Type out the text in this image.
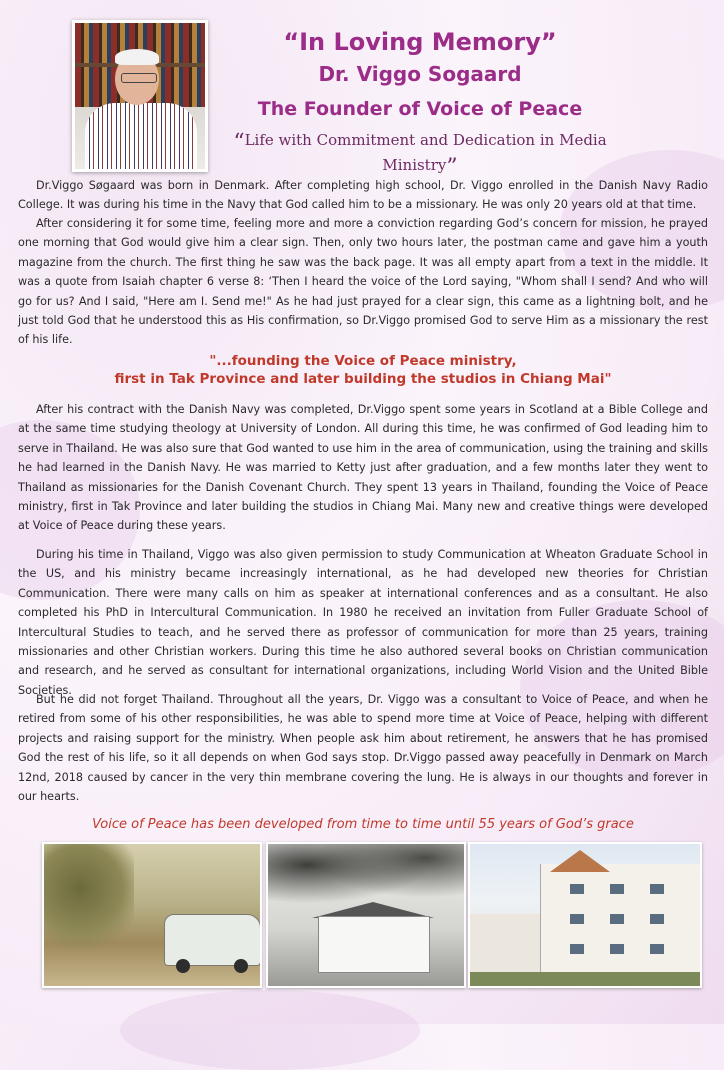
“In Loving Memory”
Dr. Viggo Sogaard
The Founder of Voice of Peace
“Life with Commitment and Dedication in Media Ministry”

Dr.Viggo Søgaard was born in Denmark. After completing high school, Dr. Viggo enrolled in the Danish Navy Radio College. It was during his time in the Navy that God called him to be a missionary. He was only 20 years old at that time.

After considering it for some time, feeling more and more a conviction regarding God’s concern for mission, he prayed one morning that God would give him a clear sign. Then, only two hours later, the postman came and gave him a youth magazine from the church. The first thing he saw was the back page. It was all empty apart from a text in the middle. It was a quote from Isaiah chapter 6 verse 8: ‘Then I heard the voice of the Lord saying, "Whom shall I send? And who will go for us? And I said, "Here am I. Send me!" As he had just prayed for a clear sign, this came as a lightning bolt, and he just told God that he understood this as His confirmation, so Dr.Viggo promised God to serve Him as a missionary the rest of his life.

"...founding the Voice of Peace ministry,
first in Tak Province and later building the studios in Chiang Mai"

After his contract with the Danish Navy was completed, Dr.Viggo spent some years in Scotland at a Bible College and at the same time studying theology at University of London. All during this time, he was confirmed of God leading him to serve in Thailand. He was also sure that God wanted to use him in the area of communication, using the training and skills he had learned in the Danish Navy. He was married to Ketty just after graduation, and a few months later they went to Thailand as missionaries for the Danish Covenant Church. They spent 13 years in Thailand, founding the Voice of Peace ministry, first in Tak Province and later building the studios in Chiang Mai. Many new and creative things were developed at Voice of Peace during these years.

During his time in Thailand, Viggo was also given permission to study Communication at Wheaton Graduate School in the US, and his ministry became increasingly international, as he had developed new theories for Christian Communication. There were many calls on him as speaker at international conferences and as a consultant. He also completed his PhD in Intercultural Communication. In 1980 he received an invitation from Fuller Graduate School of Intercultural Studies to teach, and he served there as professor of communication for more than 25 years, training missionaries and other Christian workers. During this time he also authored several books on Christian communication and research, and he served as consultant for international organizations, including World Vision and the United Bible Societies.

But he did not forget Thailand. Throughout all the years, Dr. Viggo was a consultant to Voice of Peace, and when he retired from some of his other responsibilities, he was able to spend more time at Voice of Peace, helping with different projects and raising support for the ministry. When people ask him about retirement, he answers that he has promised God the rest of his life, so it all depends on when God says stop. Dr.Viggo passed away peacefully in Denmark on March 12nd, 2018 caused by cancer in the very thin membrane covering the lung. He is always in our thoughts and forever in our hearts.

Voice of Peace has been developed from time to time until 55 years of God’s grace
